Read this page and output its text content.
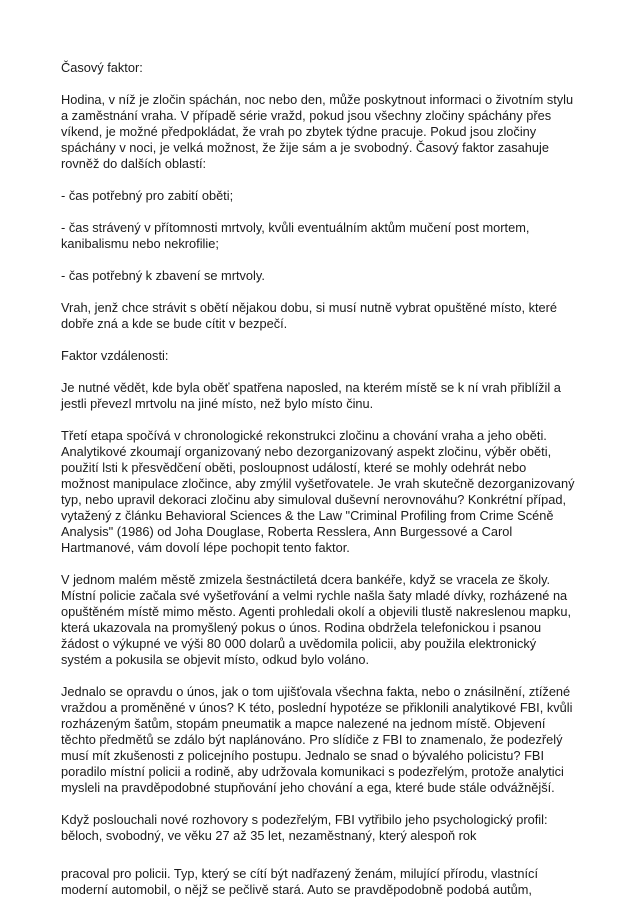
Časový faktor:

Hodina, v níž je zločin spáchán, noc nebo den, může poskytnout informaci o životním stylu
a zaměstnání vraha. V případě série vražd, pokud jsou všechny zločiny spáchány přes
víkend, je možné předpokládat, že vrah po zbytek týdne pracuje. Pokud jsou zločiny
spáchány v noci, je velká možnost, že žije sám a je svobodný. Časový faktor zasahuje
rovněž do dalších oblastí:

- čas potřebný pro zabití oběti;

- čas strávený v přítomnosti mrtvoly, kvůli eventuálním aktům mučení post mortem,
kanibalismu nebo nekrofilie;

- čas potřebný k zbavení se mrtvoly.

Vrah, jenž chce strávit s obětí nějakou dobu, si musí nutně vybrat opuštěné místo, které
dobře zná a kde se bude cítit v bezpečí.

Faktor vzdálenosti:

Je nutné vědět, kde byla oběť spatřena naposled, na kterém místě se k ní vrah přiblížil a
jestli převezl mrtvolu na jiné místo, než bylo místo činu.

Třetí etapa spočívá v chronologické rekonstrukci zločinu a chování vraha a jeho oběti.
Analytikové zkoumají organizovaný nebo dezorganizovaný aspekt zločinu, výběr oběti,
použití lsti k přesvědčení oběti, posloupnost událostí, které se mohly odehrát nebo
možnost manipulace zločince, aby zmýlil vyšetřovatele. Je vrah skutečně dezorganizovaný
typ, nebo upravil dekoraci zločinu aby simuloval duševní nerovnováhu? Konkrétní případ,
vytažený z článku Behavioral Sciences & the Law "Criminal Profiling from Crime Scéně
Analysis" (1986) od Joha Douglase, Roberta Resslera, Ann Burgessové a Carol
Hartmanové, vám dovolí lépe pochopit tento faktor.

V jednom malém městě zmizela šestnáctiletá dcera bankéře, když se vracela ze školy.
Místní policie začala své vyšetřování a velmi rychle našla šaty mladé dívky, rozházené na
opuštěném místě mimo město. Agenti prohledali okolí a objevili tlustě nakreslenou mapku,
která ukazovala na promyšlený pokus o únos. Rodina obdržela telefonickou i psanou
žádost o výkupné ve výši 80 000 dolarů a uvědomila policii, aby použila elektronický
systém a pokusila se objevit místo, odkud bylo voláno.

Jednalo se opravdu o únos, jak o tom ujišťovala všechna fakta, nebo o znásilnění, ztížené
vraždou a proměněné v únos? K této, poslední hypotéze se přiklonili analytikové FBI, kvůli
rozházeným šatům, stopám pneumatik a mapce nalezené na jednom místě. Objevení
těchto předmětů se zdálo být naplánováno. Pro slídiče z FBI to znamenalo, že podezřelý
musí mít zkušenosti z policejního postupu. Jednalo se snad o bývalého policistu? FBI
poradilo místní policii a rodině, aby udržovala komunikaci s podezřelým, protože analytici
mysleli na pravděpodobné stupňování jeho chování a ega, které bude stále odvážnější.

Když poslouchali nové rozhovory s podezřelým, FBI vytřibilo jeho psychologický profil:
běloch, svobodný, ve věku 27 až 35 let, nezaměstnaný, který alespoň rok

pracoval pro policii. Typ, který se cítí být nadřazený ženám, milující přírodu, vlastnící
moderní automobil, o nějž se pečlivě stará. Auto se pravděpodobně podobá autům,
